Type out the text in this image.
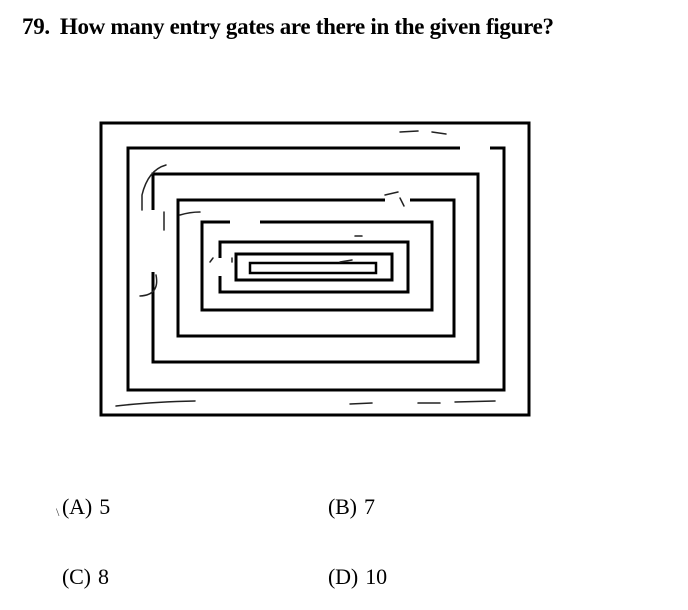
79. How many entry gates are there in the given figure?
\ (A) 5	(B) 7
(C) 8	(D) 10
